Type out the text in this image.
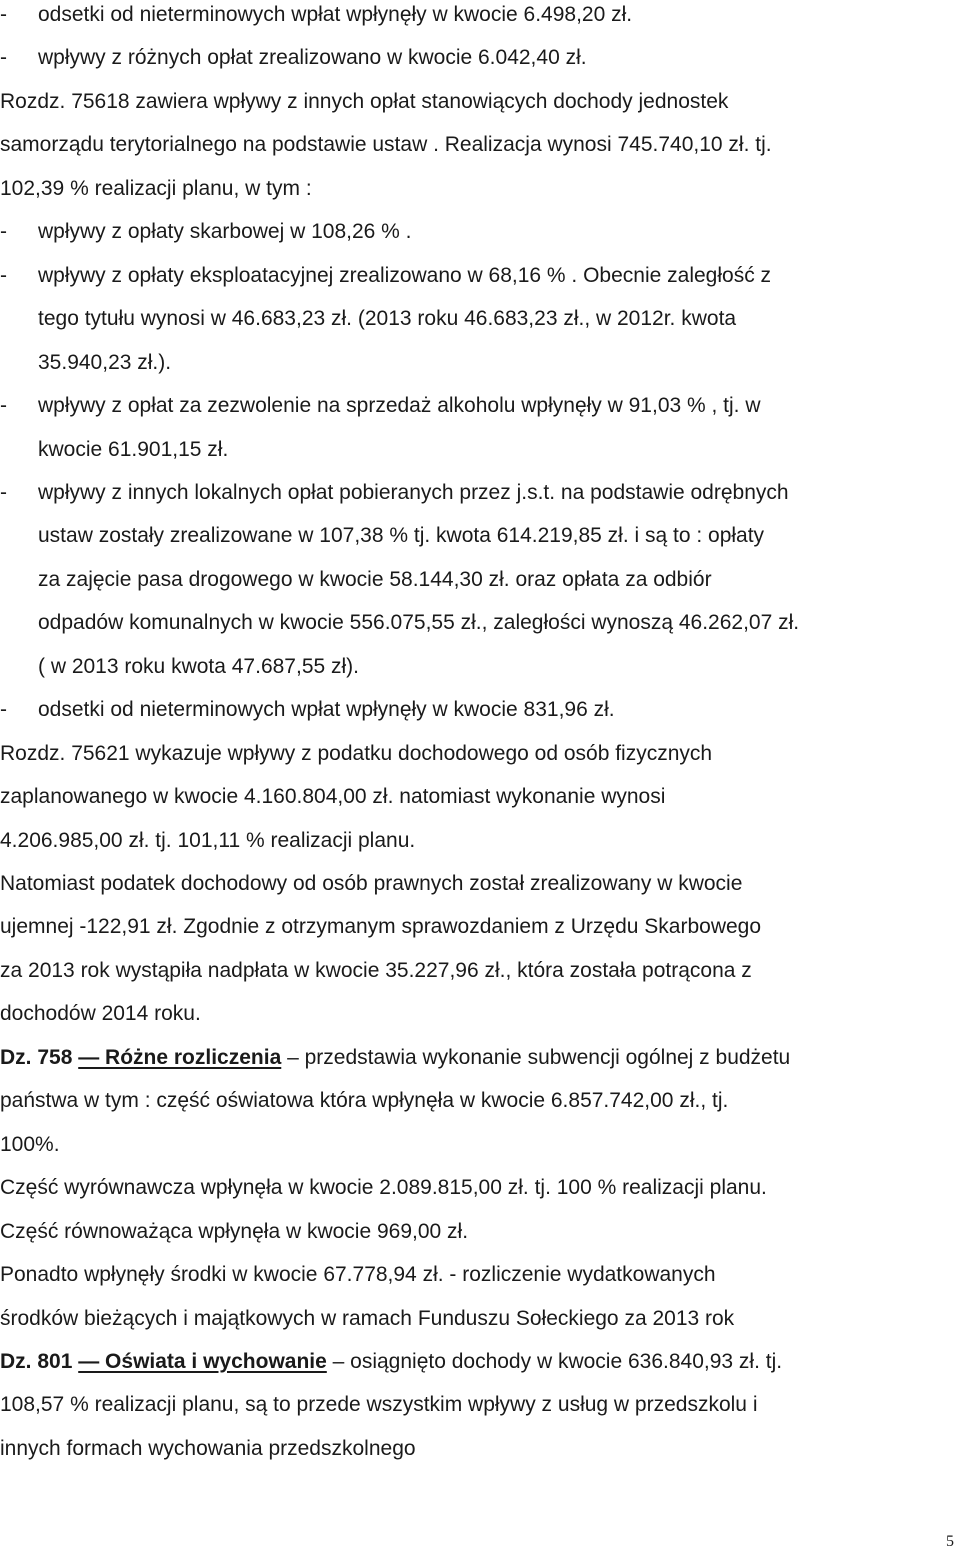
- odsetki od nieterminowych wpłat wpłynęły w kwocie 6.498,20 zł.
- wpływy z różnych opłat zrealizowano w kwocie 6.042,40 zł.
Rozdz. 75618 zawiera wpływy z innych opłat stanowiących dochody jednostek
samorządu terytorialnego na podstawie ustaw . Realizacja wynosi 745.740,10 zł. tj.
102,39 % realizacji planu, w tym :
- wpływy z opłaty skarbowej w 108,26 % .
- wpływy z opłaty eksploatacyjnej zrealizowano w 68,16 % . Obecnie zaległość z
tego tytułu wynosi w 46.683,23 zł. (2013 roku 46.683,23 zł., w 2012r. kwota
35.940,23 zł.).
- wpływy z opłat za zezwolenie na sprzedaż alkoholu wpłynęły w 91,03 % , tj. w
kwocie 61.901,15 zł.
- wpływy z innych lokalnych opłat pobieranych przez j.s.t. na podstawie odrębnych
ustaw zostały zrealizowane w 107,38 % tj. kwota 614.219,85 zł. i są to : opłaty
za zajęcie pasa drogowego w kwocie 58.144,30 zł. oraz opłata za odbiór
odpadów komunalnych w kwocie 556.075,55 zł., zaległości wynoszą 46.262,07 zł.
( w 2013 roku kwota 47.687,55 zł).
- odsetki od nieterminowych wpłat wpłynęły w kwocie 831,96 zł.
Rozdz. 75621 wykazuje wpływy z podatku dochodowego od osób fizycznych
zaplanowanego w kwocie 4.160.804,00 zł. natomiast wykonanie wynosi
4.206.985,00 zł. tj. 101,11 % realizacji planu.
Natomiast podatek dochodowy od osób prawnych został zrealizowany w kwocie
ujemnej -122,91 zł. Zgodnie z otrzymanym sprawozdaniem z Urzędu Skarbowego
za 2013 rok wystąpiła nadpłata w kwocie 35.227,96 zł., która została potrącona z
dochodów 2014 roku.
Dz. 758 — Różne rozliczenia – przedstawia wykonanie subwencji ogólnej z budżetu
państwa w tym : część oświatowa która wpłynęła w kwocie 6.857.742,00 zł., tj.
100%.
Część wyrównawcza wpłynęła w kwocie 2.089.815,00 zł. tj. 100 % realizacji planu.
Część równoważąca wpłynęła w kwocie 969,00 zł.
Ponadto wpłynęły środki w kwocie 67.778,94 zł. - rozliczenie wydatkowanych
środków bieżących i majątkowych w ramach Funduszu Sołeckiego za 2013 rok
Dz. 801 — Oświata i wychowanie – osiągnięto dochody w kwocie 636.840,93 zł. tj.
108,57 % realizacji planu, są to przede wszystkim wpływy z usług w przedszkolu i
innych formach wychowania przedszkolnego
5
